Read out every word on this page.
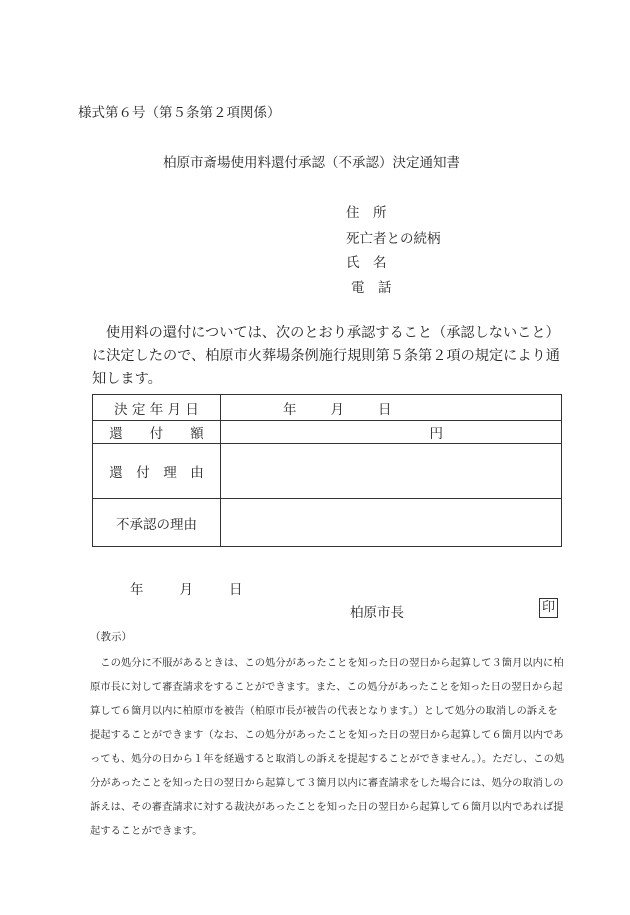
様式第６号（第５条第２項関係）
柏原市斎場使用料還付承認（不承認）決定通知書
住　所
死亡者との続柄
氏　名
電　話
使用料の還付については、次のとおり承認すること（承認しないこと）に決定したので、柏原市火葬場条例施行規則第５条第２項の規定により通知します。
決 定 年 月 日	年 月 日

還　　付　　額	円
還　付　理　由	
不承認の理由	
年	月	日
柏原市長	印
（教示）
　この処分に不服があるときは、この処分があったことを知った日の翌日から起算して３箇月以内に柏原市長に対して審査請求をすることができます。また、この処分があったことを知った日の翌日から起算して６箇月以内に柏原市を被告（柏原市長が被告の代表となります。）として処分の取消しの訴えを提起することができます（なお、この処分があったことを知った日の翌日から起算して６箇月以内であっても、処分の日から１年を経過すると取消しの訴えを提起することができません。）。ただし、この処分があったことを知った日の翌日から起算して３箇月以内に審査請求をした場合には、処分の取消しの訴えは、その審査請求に対する裁決があったことを知った日の翌日から起算して６箇月以内であれば提起することができます。
